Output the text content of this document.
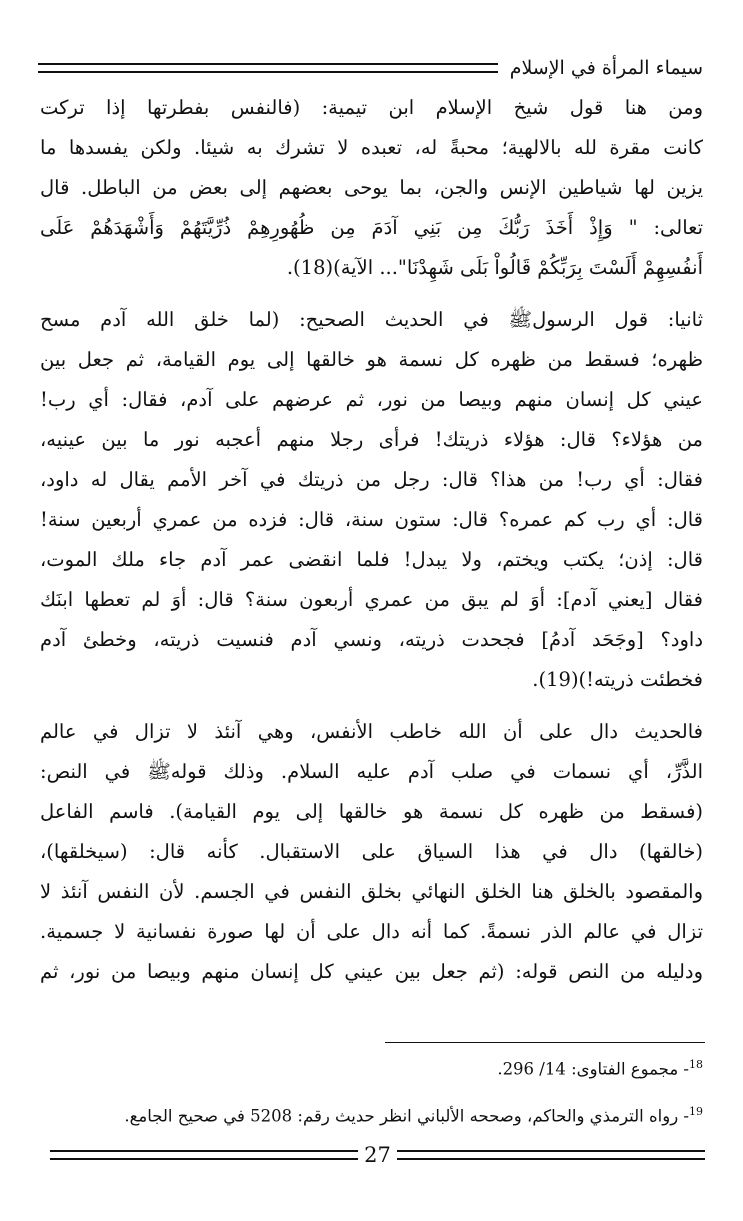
سيماء المرأة في الإسلام
ومن هنا قول شيخ الإسلام ابن تيمية: (فالنفس بفطرتها إذا تركت
كانت مقرة لله بالالهية؛ محبةً له، تعبده لا تشرك به شيئا. ولكن يفسدها ما
يزين لها شياطين الإنس والجن، بما يوحى بعضهم إلى بعض من الباطل. قال
تعالى: " وَإِذْ أَخَذَ رَبُّكَ مِن بَنِي آدَمَ مِن ظُهُورِهِمْ ذُرِّيَّتَهُمْ وَأَشْهَدَهُمْ عَلَى
أَنفُسِهِمْ أَلَسْتَ بِرَبِّكُمْ قَالُواْ بَلَى شَهِدْنَا"... الآية)(18).
ثانيا: قول الرسولﷺ في الحديث الصحيح: (لما خلق الله آدم مسح
ظهره؛ فسقط من ظهره كل نسمة هو خالقها إلى يوم القيامة، ثم جعل بين
عيني كل إنسان منهم وبيصا من نور، ثم عرضهم على آدم، فقال: أي رب!
من هؤلاء؟ قال: هؤلاء ذريتك! فرأى رجلا منهم أعجبه نور ما بين عينيه،
فقال: أي رب! من هذا؟ قال: رجل من ذريتك في آخر الأمم يقال له داود،
قال: أي رب كم عمره؟ قال: ستون سنة، قال: فزده من عمري أربعين سنة!
قال: إذن؛ يكتب ويختم، ولا يبدل! فلما انقضى عمر آدم جاء ملك الموت،
فقال [يعني آدم]: أوَ لم يبق من عمري أربعون سنة؟ قال: أوَ لم تعطها ابنَك
داود؟ [وجَحَد آدمُ] فجحدت ذريته، ونسي آدم فنسيت ذريته، وخطئ آدم
فخطئت ذريته!)(19).
فالحديث دال على أن الله خاطب الأنفس، وهي آنئذ لا تزال في عالم
الذَّرِّ، أي نسمات في صلب آدم عليه السلام. وذلك قولهﷺ في النص:
(فسقط من ظهره كل نسمة هو خالقها إلى يوم القيامة). فاسم الفاعل
(خالقها) دال في هذا السياق على الاستقبال. كأنه قال: (سيخلقها)،
والمقصود بالخلق هنا الخلق النهائي بخلق النفس في الجسم. لأن النفس آنئذ لا
تزال في عالم الذر نسمةً. كما أنه دال على أن لها صورة نفسانية لا جسمية.
ودليله من النص قوله: (ثم جعل بين عيني كل إنسان منهم وبيصا من نور، ثم
$^{18}$- مجموع الفتاوى: 14/ 296.
$^{19}$- رواه الترمذي والحاكم، وصححه الألباني انظر حديث رقم: 5208 في صحيح الجامع.
27
